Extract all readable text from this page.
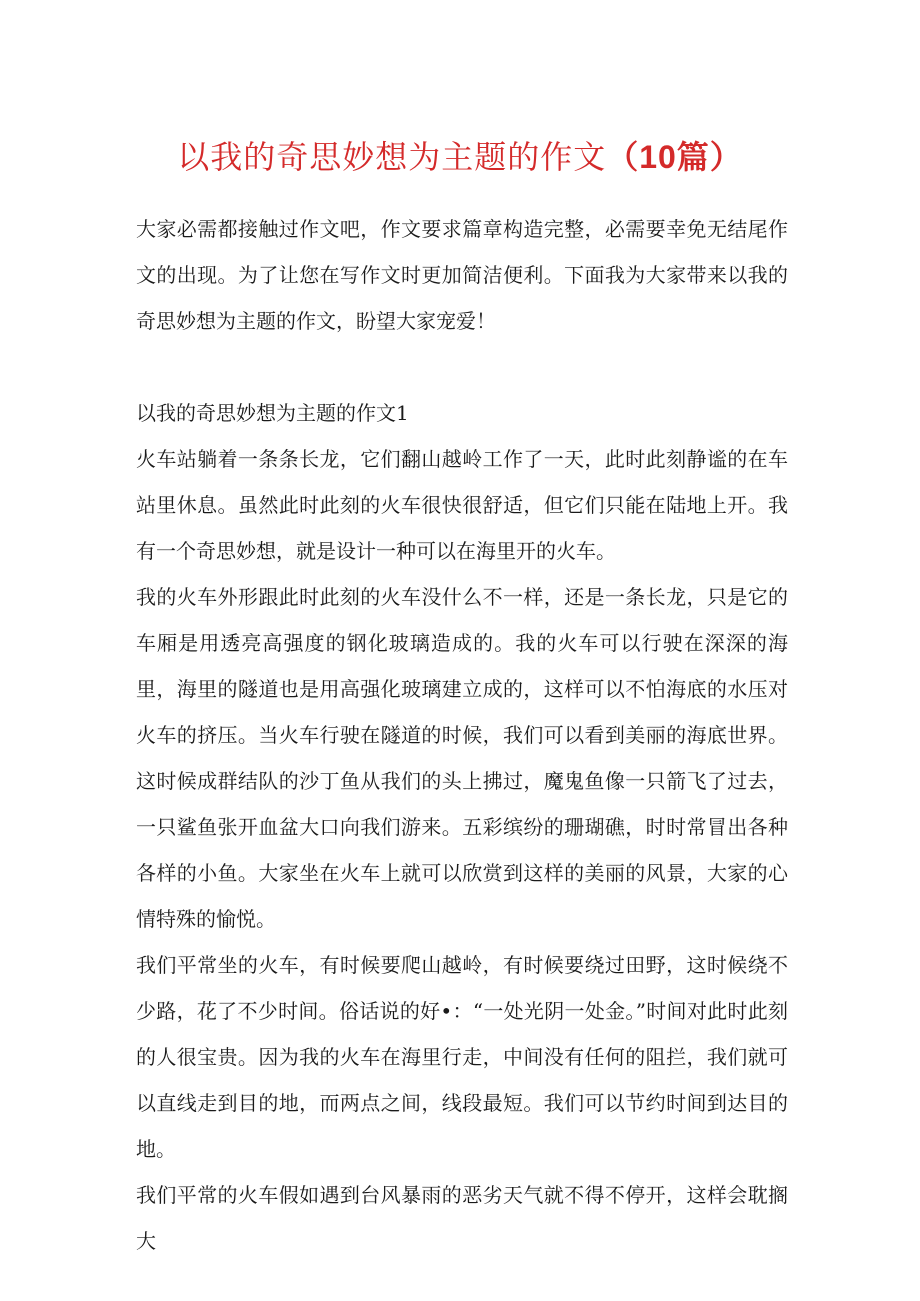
以我的奇思妙想为主题的作文（10篇）

大家必需都接触过作文吧，作文要求篇章构造完整，必需要幸免无结尾作文的出现。为了让您在写作文时更加简洁便利。下面我为大家带来以我的奇思妙想为主题的作文，盼望大家宠爱！

以我的奇思妙想为主题的作文1

火车站躺着一条条长龙，它们翻山越岭工作了一天，此时此刻静谧的在车站里休息。虽然此时此刻的火车很快很舒适，但它们只能在陆地上开。我有一个奇思妙想，就是设计一种可以在海里开的火车。

我的火车外形跟此时此刻的火车没什么不一样，还是一条长龙，只是它的车厢是用透亮高强度的钢化玻璃造成的。我的火车可以行驶在深深的海里，海里的隧道也是用高强化玻璃建立成的，这样可以不怕海底的水压对火车的挤压。当火车行驶在隧道的时候，我们可以看到美丽的海底世界。这时候成群结队的沙丁鱼从我们的头上拂过，魔鬼鱼像一只箭飞了过去，一只鲨鱼张开血盆大口向我们游来。五彩缤纷的珊瑚礁，时时常冒出各种各样的小鱼。大家坐在火车上就可以欣赏到这样的美丽的风景，大家的心情特殊的愉悦。

我们平常坐的火车，有时候要爬山越岭，有时候要绕过田野，这时候绕不少路，花了不少时间。俗话说的好•：“一处光阴一处金。”时间对此时此刻的人很宝贵。因为我的火车在海里行走，中间没有任何的阻拦，我们就可以直线走到目的地，而两点之间，线段最短。我们可以节约时间到达目的地。

我们平常的火车假如遇到台风暴雨的恶劣天气就不得不停开，这样会耽搁大
